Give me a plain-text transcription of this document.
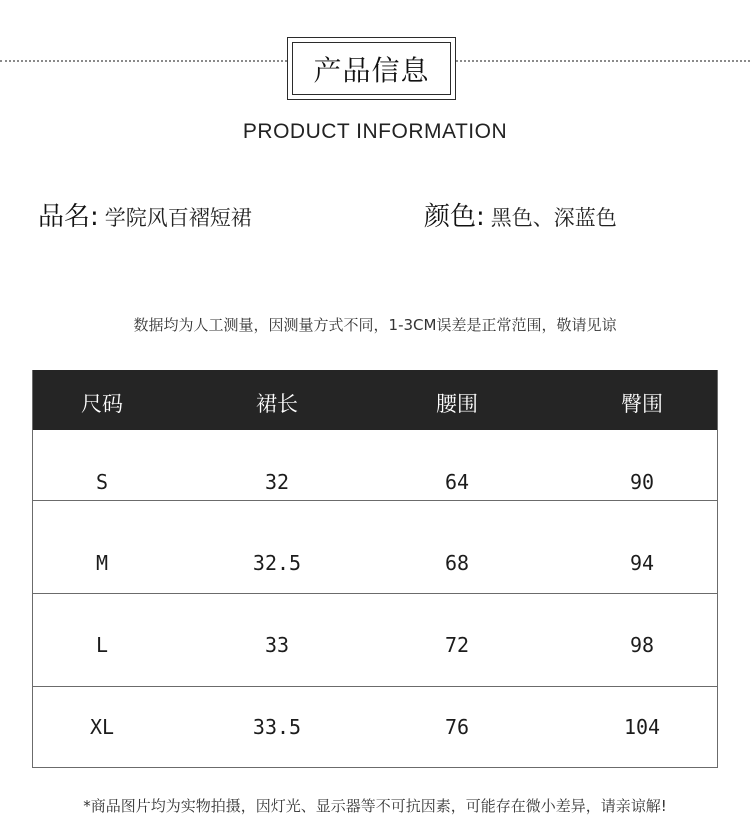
产品信息
PRODUCT INFORMATION
品名 : 学院风百褶短裙	颜色 : 黑色、深蓝色
数据均为人工测量，因测量方式不同，1-3CM误差是正常范围，敬请见谅
尺码	裙长	腰围	臀围
S	32	64	90
M	32.5	68	94
L	33	72	98
XL	33.5	76	104
*商品图片均为实物拍摄，因灯光、显示器等不可抗因素，可能存在微小差异，请亲谅解!
